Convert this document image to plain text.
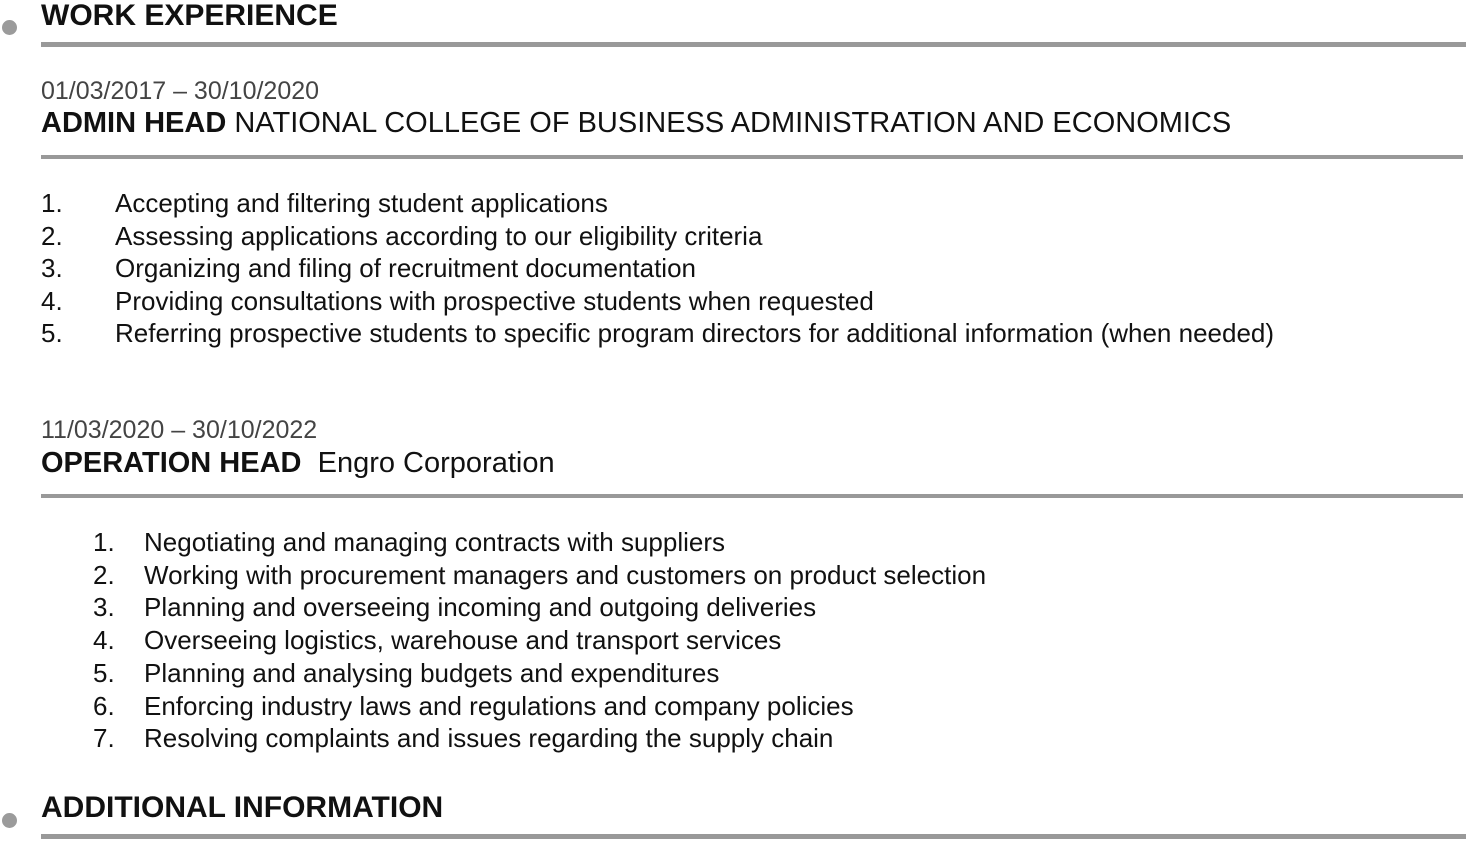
WORK EXPERIENCE
01/03/2017 – 30/10/2020
ADMIN HEAD NATIONAL COLLEGE OF BUSINESS ADMINISTRATION AND ECONOMICS
1. Accepting and filtering student applications
2. Assessing applications according to our eligibility criteria
3. Organizing and filing of recruitment documentation
4. Providing consultations with prospective students when requested
5. Referring prospective students to specific program directors for additional information (when needed)
11/03/2020 – 30/10/2022
OPERATION HEAD Engro Corporation
1. Negotiating and managing contracts with suppliers
2. Working with procurement managers and customers on product selection
3. Planning and overseeing incoming and outgoing deliveries
4. Overseeing logistics, warehouse and transport services
5. Planning and analysing budgets and expenditures
6. Enforcing industry laws and regulations and company policies
7. Resolving complaints and issues regarding the supply chain
ADDITIONAL INFORMATION
